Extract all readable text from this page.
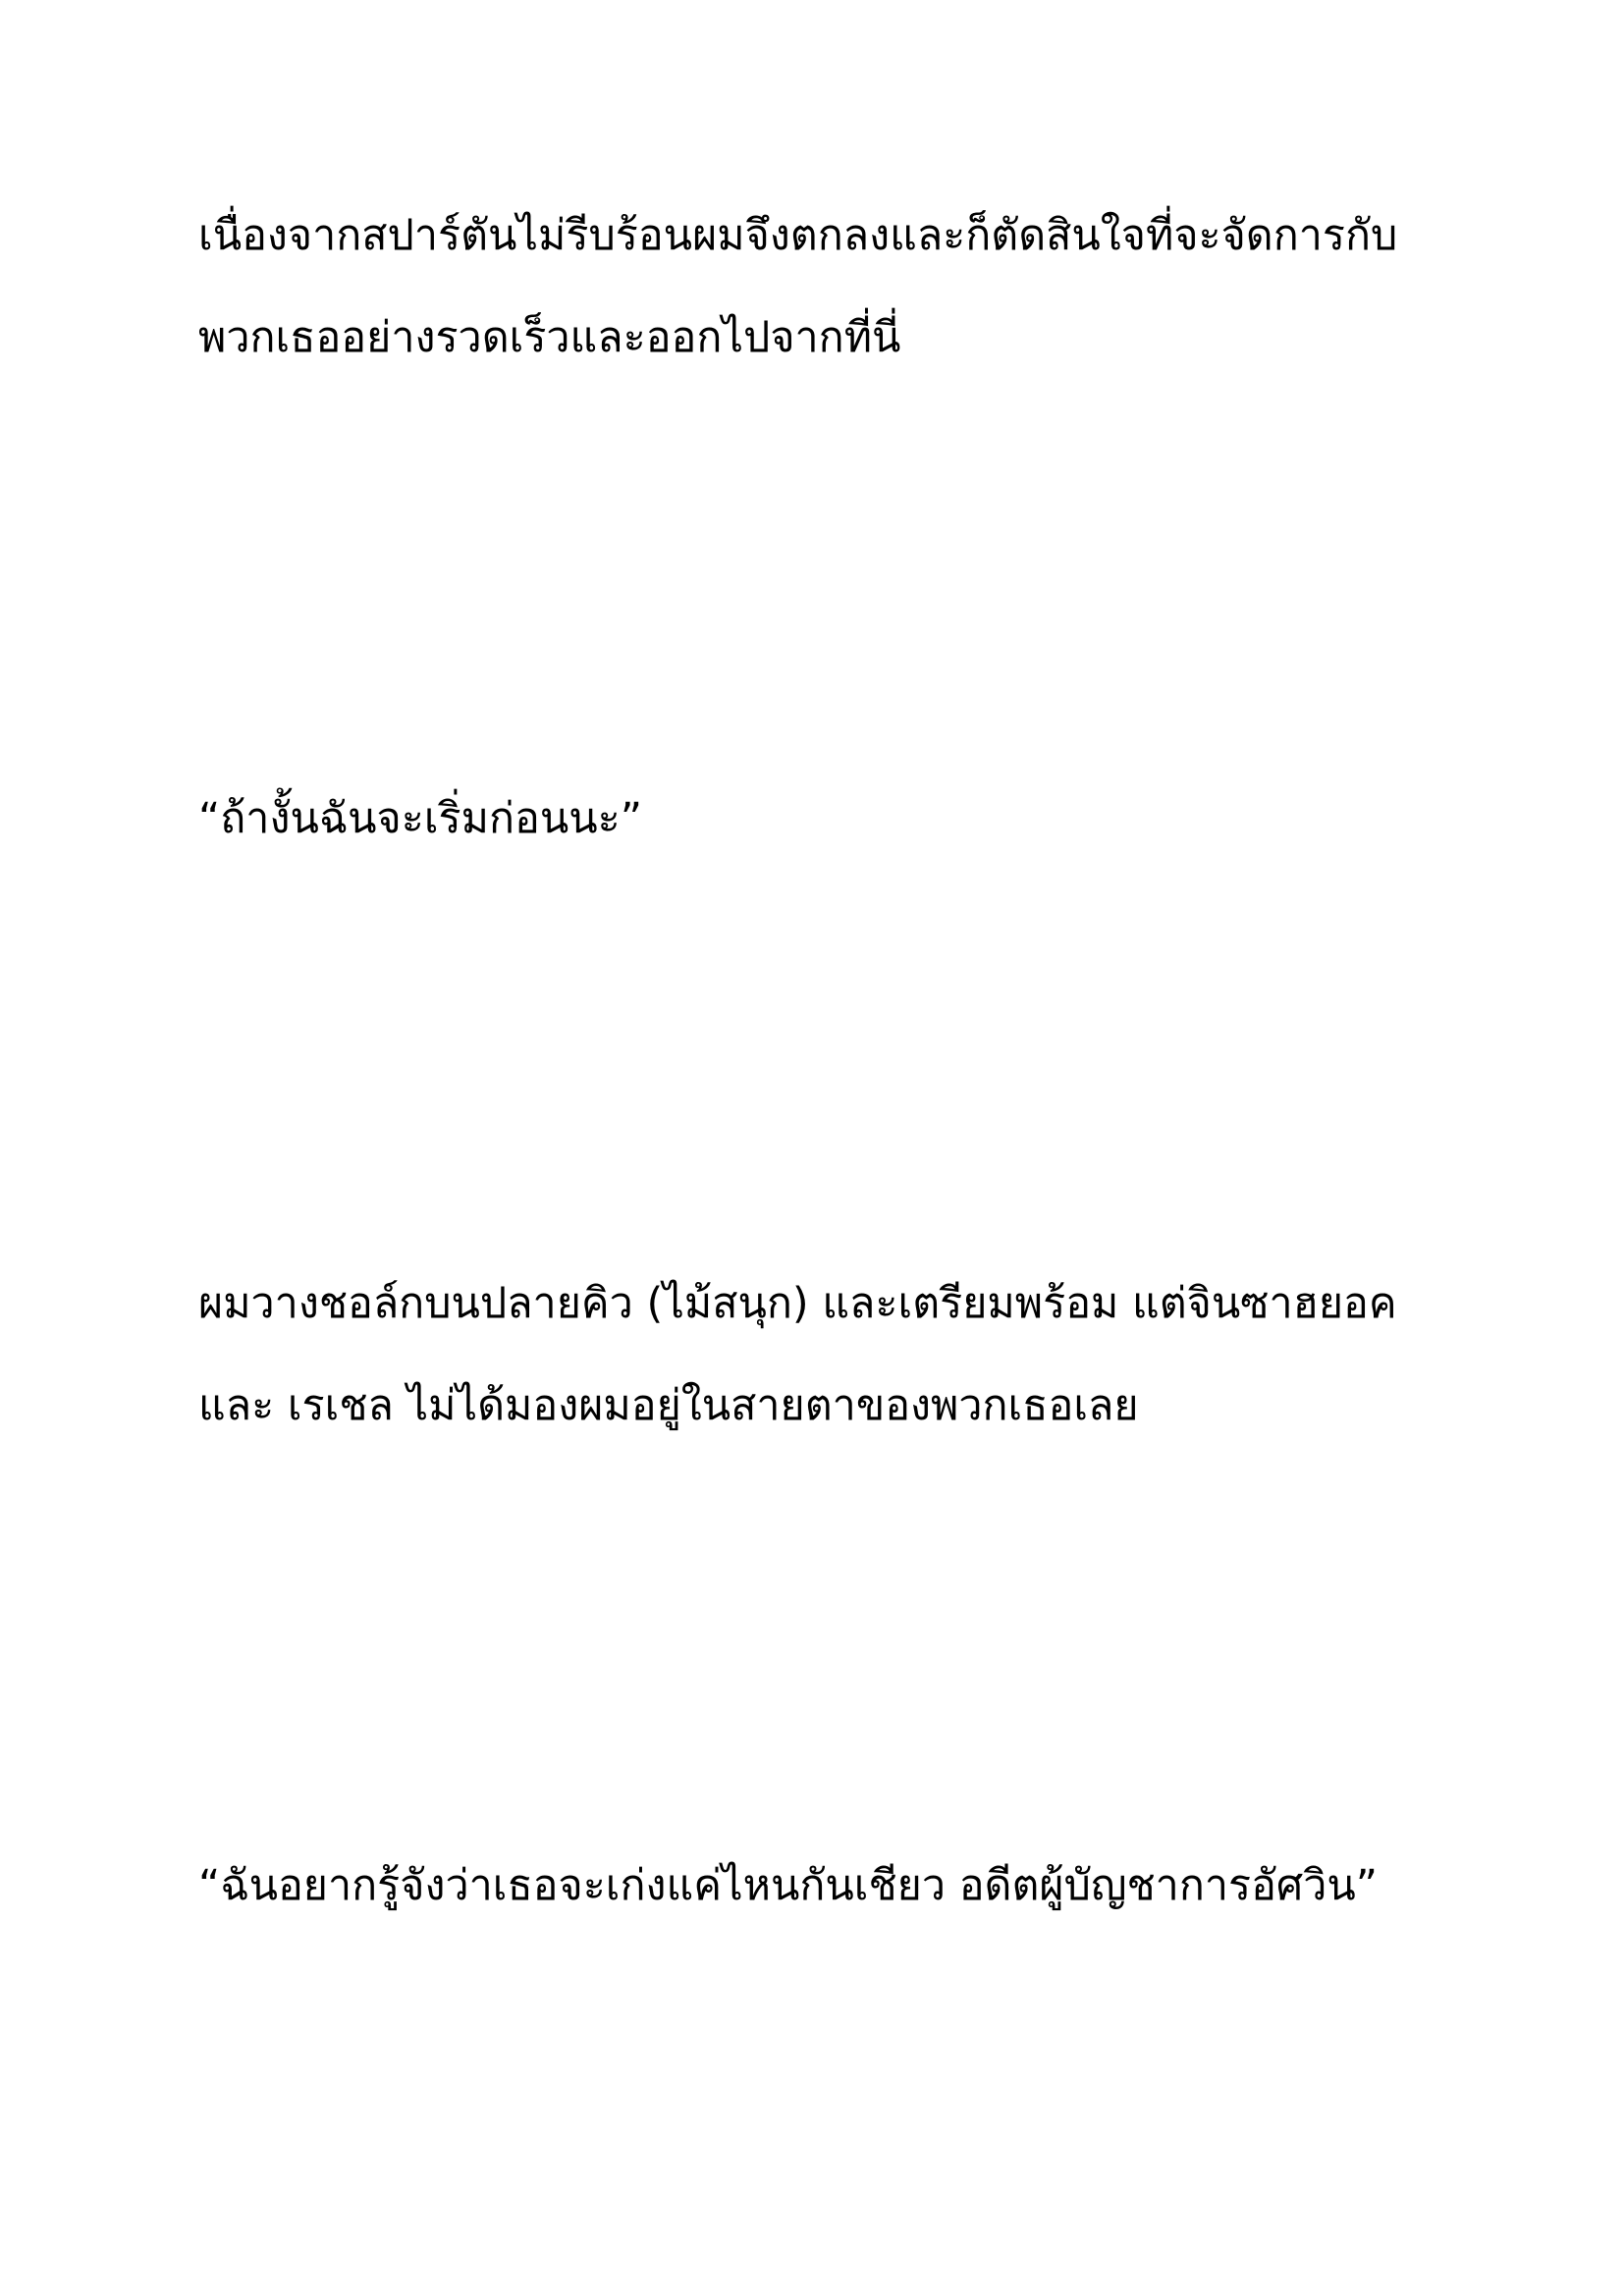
เนื่องจากสปาร์ตันไม่รีบร้อนผมจึงตกลงและก็ตัดสินใจที่จะจัดการกับ
พวกเธออย่างรวดเร็วและออกไปจากที่นี่
“ถ้างั้นฉันจะเริ่มก่อนนะ”
ผมวางชอล์กบนปลายคิว (ไม้สนุก) และเตรียมพร้อม แต่จินซาฮยอค
และ เรเชล ไม่ได้มองผมอยู่ในสายตาของพวกเธอเลย
“ฉันอยากรู้จังว่าเธอจะเก่งแค่ไหนกันเชียว อดีตผู้บัญชาการอัศวิน”
